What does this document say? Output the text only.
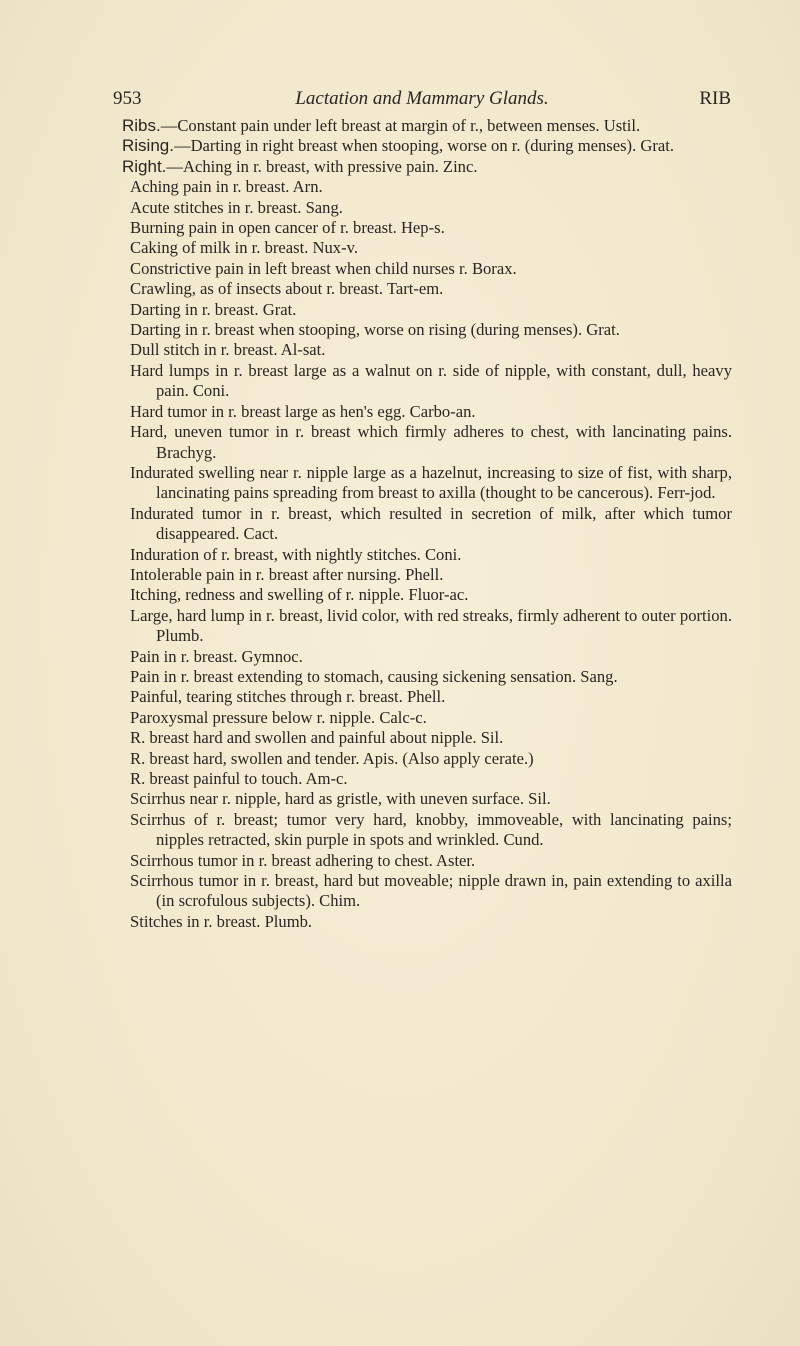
953	Lactation and Mammary Glands.	RIB
Ribs.—Constant pain under left breast at margin of r., between menses. Ustil.
Rising.—Darting in right breast when stooping, worse on r. (during menses). Grat.
Right.—Aching in r. breast, with pressive pain. Zinc.
Aching pain in r. breast. Arn.
Acute stitches in r. breast. Sang.
Burning pain in open cancer of r. breast. Hep-s.
Caking of milk in r. breast. Nux-v.
Constrictive pain in left breast when child nurses r. Borax.
Crawling, as of insects about r. breast. Tart-em.
Darting in r. breast. Grat.
Darting in r. breast when stooping, worse on rising (during menses). Grat.
Dull stitch in r. breast. Al-sat.
Hard lumps in r. breast large as a walnut on r. side of nipple, with constant, dull, heavy pain. Coni.
Hard tumor in r. breast large as hen's egg. Carbo-an.
Hard, uneven tumor in r. breast which firmly adheres to chest, with lancinating pains. Brachyg.
Indurated swelling near r. nipple large as a hazelnut, increasing to size of fist, with sharp, lancinating pains spreading from breast to axilla (thought to be cancerous). Ferr-jod.
Indurated tumor in r. breast, which resulted in secretion of milk, after which tumor disappeared. Cact.
Induration of r. breast, with nightly stitches. Coni.
Intolerable pain in r. breast after nursing. Phell.
Itching, redness and swelling of r. nipple. Fluor-ac.
Large, hard lump in r. breast, livid color, with red streaks, firmly adherent to outer portion. Plumb.
Pain in r. breast. Gymnoc.
Pain in r. breast extending to stomach, causing sickening sensation. Sang.
Painful, tearing stitches through r. breast. Phell.
Paroxysmal pressure below r. nipple. Calc-c.
R. breast hard and swollen and painful about nipple. Sil.
R. breast hard, swollen and tender. Apis. (Also apply cerate.)
R. breast painful to touch. Am-c.
Scirrhus near r. nipple, hard as gristle, with uneven surface. Sil.
Scirrhus of r. breast; tumor very hard, knobby, immoveable, with lancinating pains; nipples retracted, skin purple in spots and wrinkled. Cund.
Scirrhous tumor in r. breast adhering to chest. Aster.
Scirrhous tumor in r. breast, hard but moveable; nipple drawn in, pain extending to axilla (in scrofulous subjects). Chim.
Stitches in r. breast. Plumb.
